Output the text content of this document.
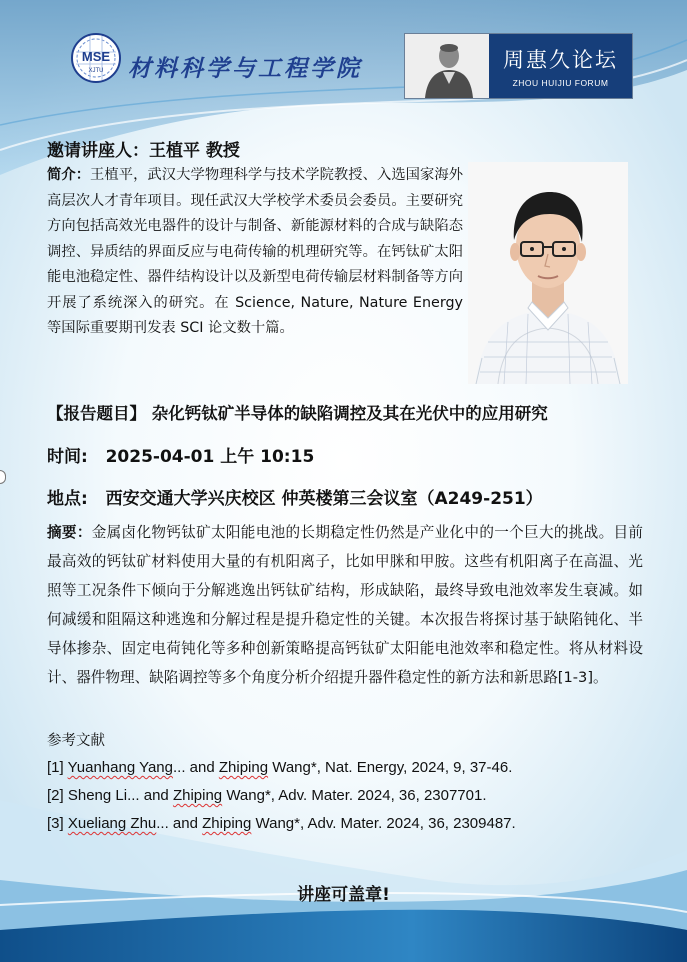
MSE
XJTU 材料科学与工程学院	周惠久论坛
ZHOU HUIJIU FORUM
邀请讲座人：王植平 教授
简介：王植平，武汉大学物理科学与技术学院教授、入选国家海外高层次人才青年项目。现任武汉大学校学术委员会委员。主要研究方向包括高效光电器件的设计与制备、新能源材料的合成与缺陷态调控、异质结的界面反应与电荷传输的机理研究等。在钙钛矿太阳能电池稳定性、器件结构设计以及新型电荷传输层材料制备等方向开展了系统深入的研究。在 Science, Nature, Nature Energy 等国际重要期刊发表 SCI 论文数十篇。
【报告题目】 杂化钙钛矿半导体的缺陷调控及其在光伏中的应用研究
时间: 2025-04-01 上午 10:15
地点: 西安交通大学兴庆校区 仲英楼第三会议室（A249-251）
摘要：金属卤化物钙钛矿太阳能电池的长期稳定性仍然是产业化中的一个巨大的挑战。目前最高效的钙钛矿材料使用大量的有机阳离子，比如甲脒和甲胺。这些有机阳离子在高温、光照等工况条件下倾向于分解逃逸出钙钛矿结构，形成缺陷，最终导致电池效率发生衰减。如何减缓和阻隔这种逃逸和分解过程是提升稳定性的关键。本次报告将探讨基于缺陷钝化、半导体掺杂、固定电荷钝化等多种创新策略提高钙钛矿太阳能电池效率和稳定性。将从材料设计、器件物理、缺陷调控等多个角度分析介绍提升器件稳定性的新方法和新思路[1-3]。
参考文献
[1] Yuanhang Yang... and Zhiping Wang*, Nat. Energy, 2024, 9, 37-46.
[2] Sheng Li... and Zhiping Wang*, Adv. Mater. 2024, 36, 2307701.
[3] Xueliang Zhu... and Zhiping Wang*, Adv. Mater. 2024, 36, 2309487.
讲座可盖章!
